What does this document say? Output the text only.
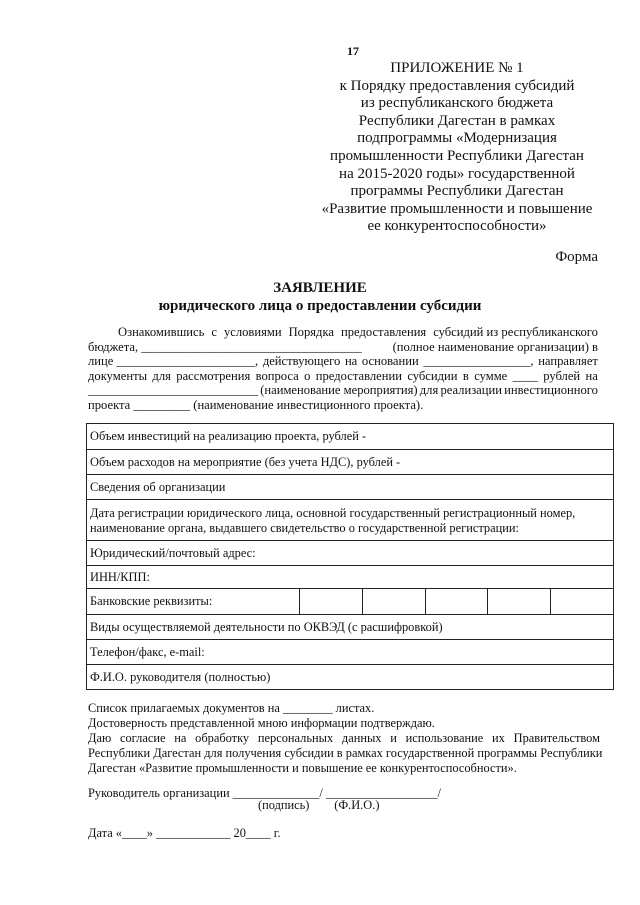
17
ПРИЛОЖЕНИЕ № 1
к Порядку предоставления субсидий
из республиканского бюджета
Республики Дагестан в рамках
подпрограммы «Модернизация
промышленности Республики Дагестан
на 2015-2020 годы» государственной
программы Республики Дагестан
«Развитие промышленности и повышение
ее конкурентоспособности»
Форма
ЗАЯВЛЕНИЕ
юридического лица о предоставлении субсидии
Ознакомившись с условиями Порядка предоставления субсидий из республиканского
бюджета, ___________________________________ (полное наименование организации) в
лице ______________________, действующего на основании _________________, направляет
документы для рассмотрения вопроса о предоставлении субсидии в сумме ____ рублей на
___________________________ (наименование мероприятия) для реализации инвестиционного
проекта _________ (наименование инвестиционного проекта).
Объем инвестиций на реализацию проекта, рублей -
Объем расходов на мероприятие (без учета НДС), рублей -
Сведения об организации
Дата регистрации юридического лица, основной государственный регистрационный номер, наименование органа, выдавшего свидетельство о государственной регистрации:
Юридический/почтовый адрес:
ИНН/КПП:
Банковские реквизиты:
Виды осуществляемой деятельности по ОКВЭД (с расшифровкой)
Телефон/факс, e-mail:
Ф.И.О. руководителя (полностью)
Список прилагаемых документов на ________ листах.
Достоверность представленной мною информации подтверждаю.
Даю согласие на обработку персональных данных и использование их Правительством
Республики Дагестан для получения субсидии в рамках государственной программы Республики
Дагестан «Развитие промышленности и повышение ее конкурентоспособности».
Руководитель организации ______________/ __________________/
(подпись)        (Ф.И.О.)
Дата «____» ____________ 20____ г.
